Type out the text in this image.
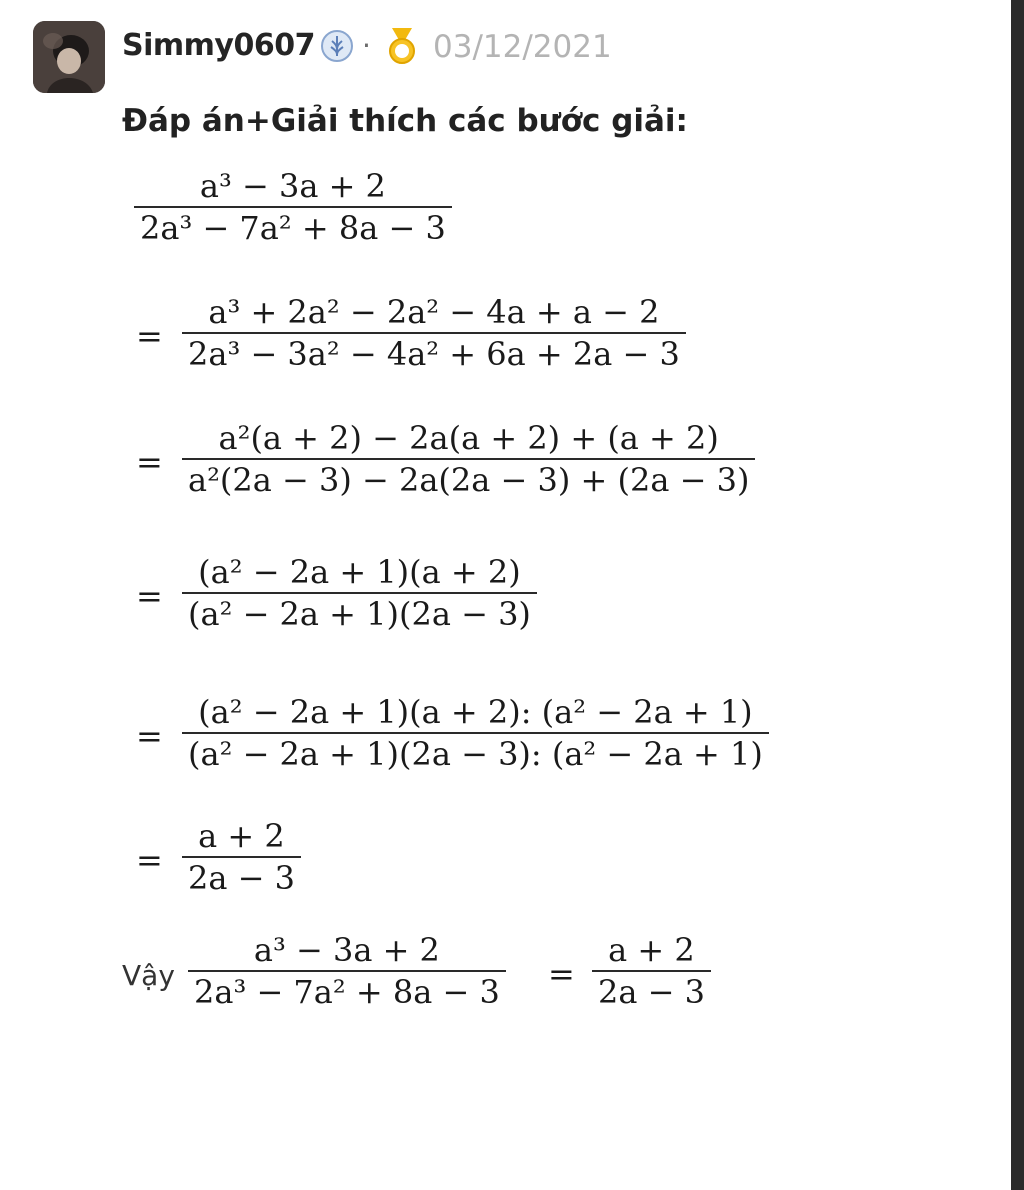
Simmy0607 · 03/12/2021
Đáp án+Giải thích các bước giải:
a³ − 3a + 2
2a³ − 7a² + 8a − 3
=
a³ + 2a² − 2a² − 4a + a − 2
2a³ − 3a² − 4a² + 6a + 2a − 3
=
a²(a + 2) − 2a(a + 2) + (a + 2)
a²(2a − 3) − 2a(2a − 3) + (2a − 3)
=
(a² − 2a + 1)(a + 2)
(a² − 2a + 1)(2a − 3)
=
(a² − 2a + 1)(a + 2): (a² − 2a + 1)
(a² − 2a + 1)(2a − 3): (a² − 2a + 1)
=
a + 2
2a − 3
Vậy
a³ − 3a + 2
2a³ − 7a² + 8a − 3 =
a + 2
2a − 3
